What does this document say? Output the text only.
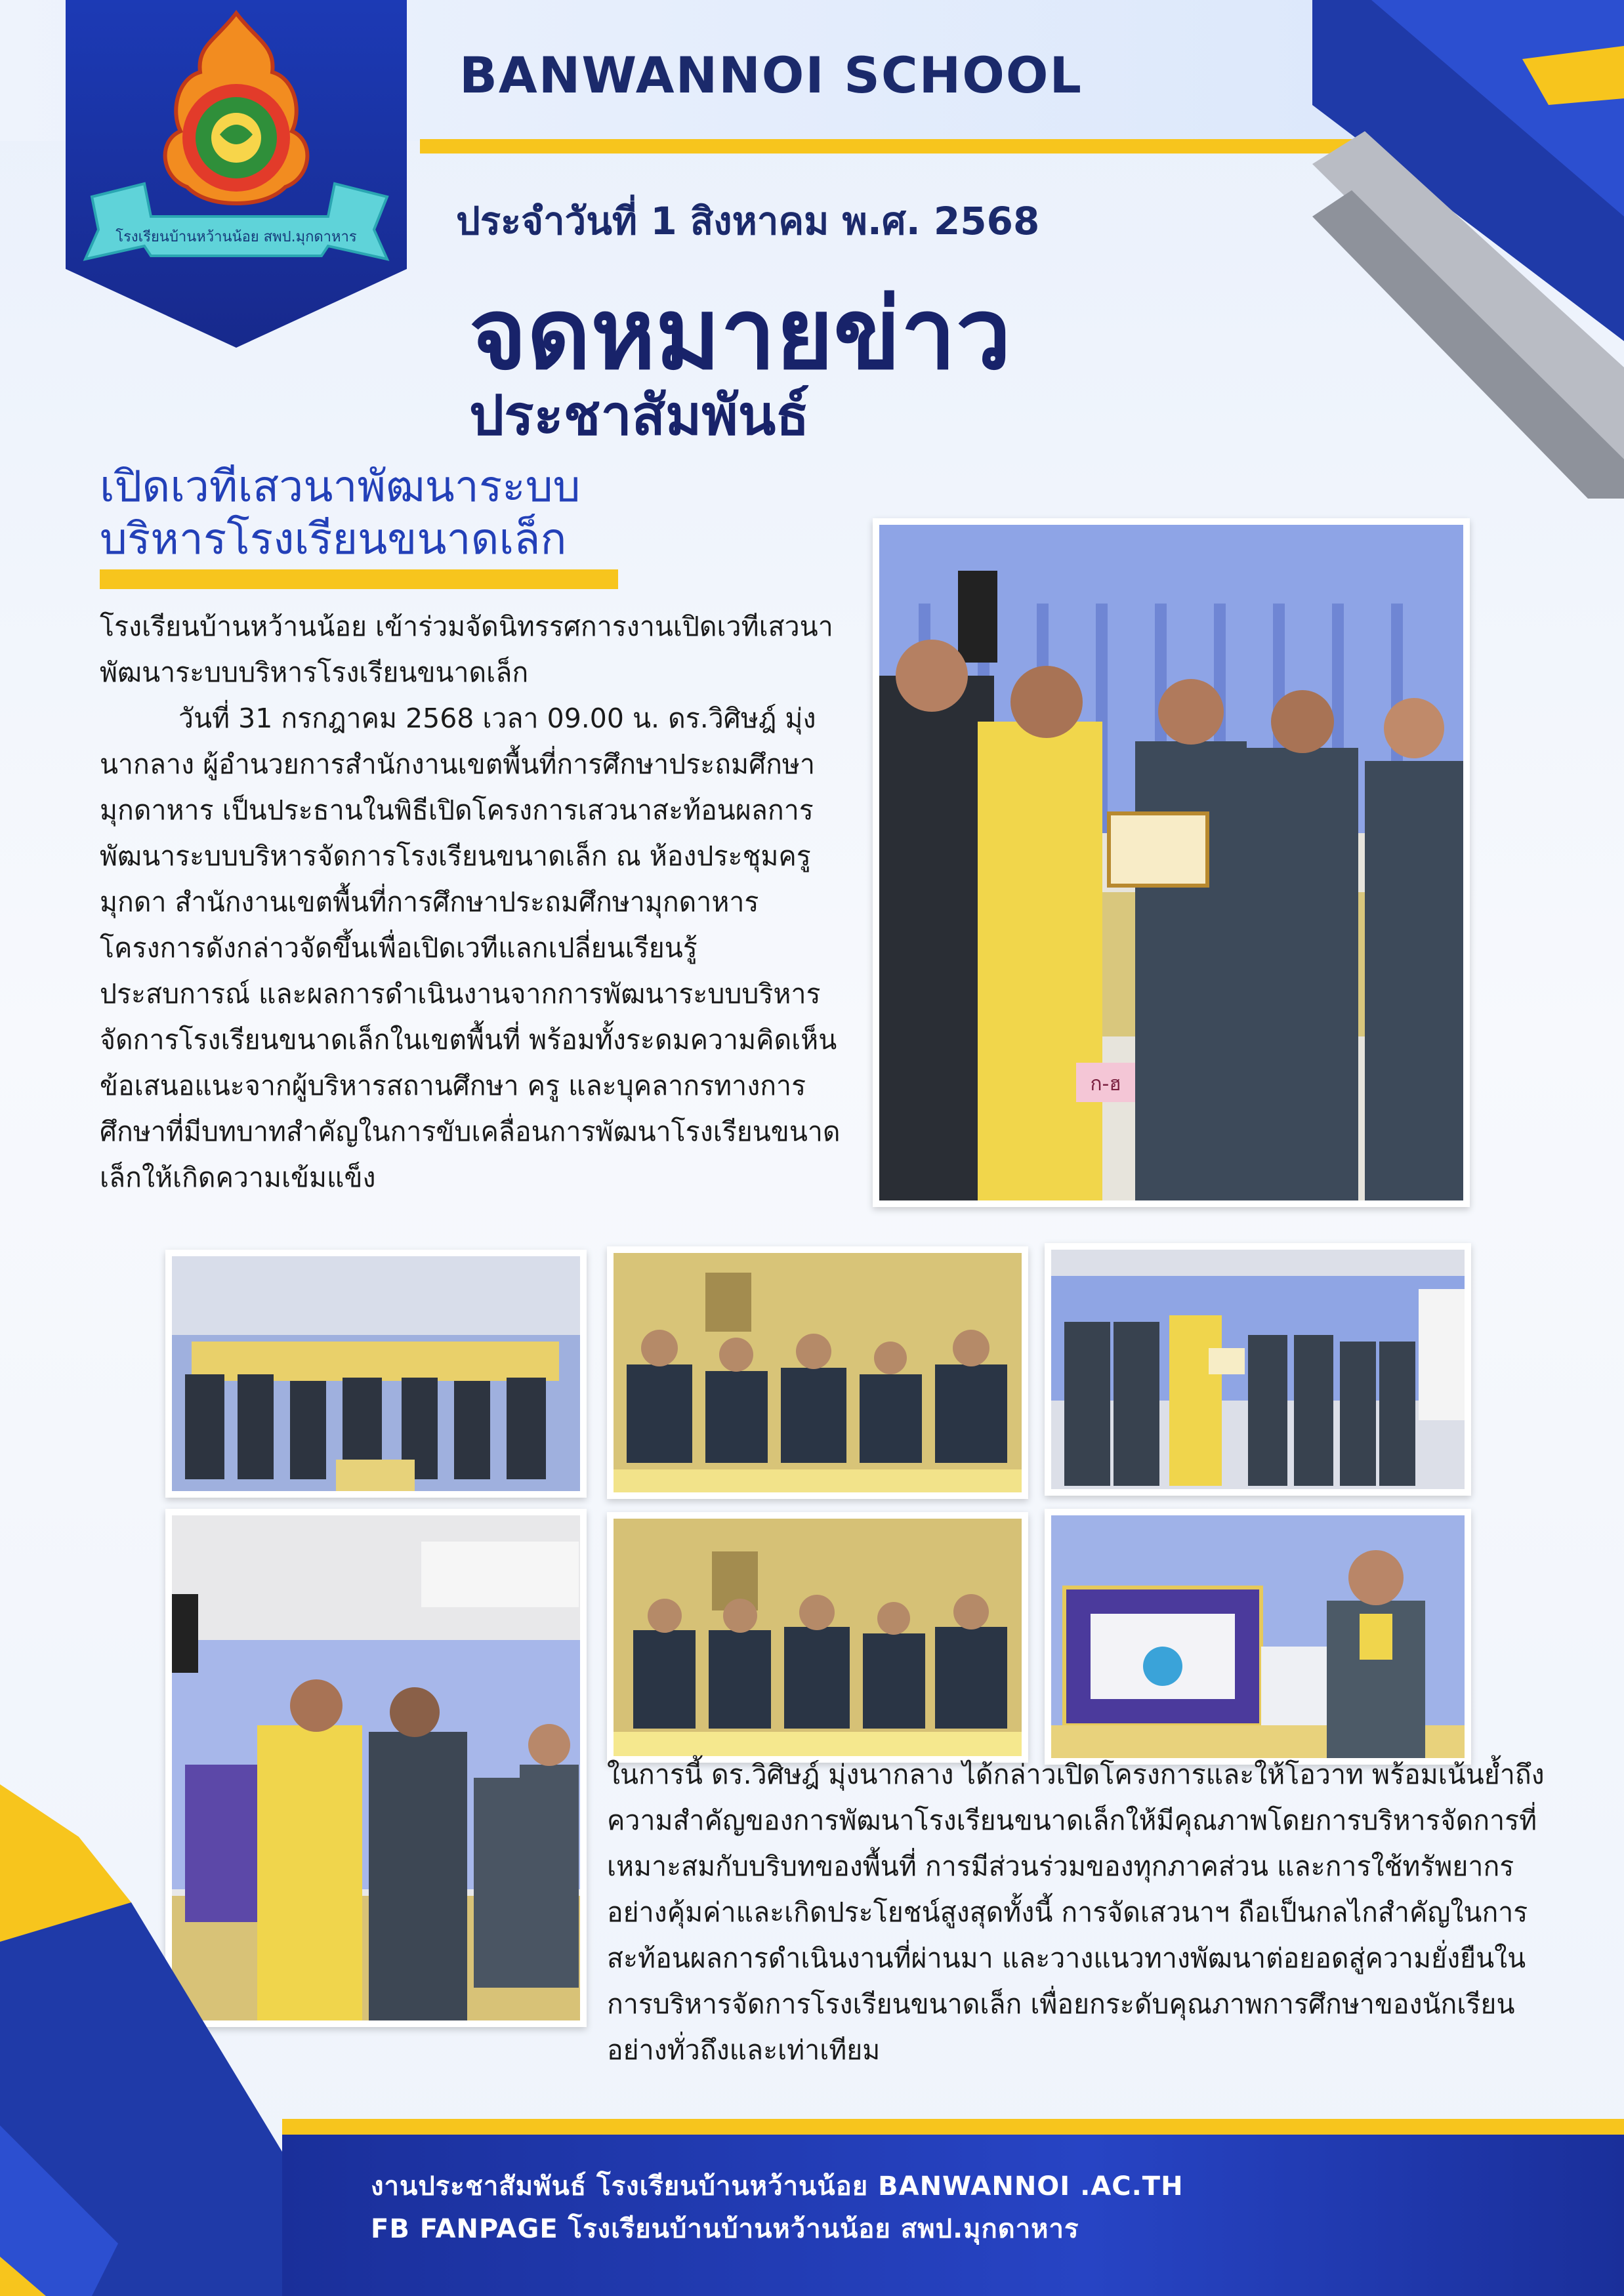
โรงเรียนบ้านหว้านน้อย สพป.มุกดาหาร
BANWANNOI SCHOOL
ประจำวันที่ 1 สิงหาคม พ.ศ. 2568
จดหมายข่าว
ประชาสัมพันธ์
เปิดเวทีเสวนาพัฒนาระบบ
บริหารโรงเรียนขนาดเล็ก
โรงเรียนบ้านหว้านน้อย เข้าร่วมจัดนิทรรศการงานเปิดเวทีเสวนาพัฒนาระบบบริหารโรงเรียนขนาดเล็ก
วันที่ 31 กรกฎาคม 2568 เวลา 09.00 น. ดร.วิศิษฎ์ มุ่งนากลาง ผู้อำนวยการสำนักงานเขตพื้นที่การศึกษาประถมศึกษามุกดาหาร เป็นประธานในพิธีเปิดโครงการเสวนาสะท้อนผลการพัฒนาระบบบริหารจัดการโรงเรียนขนาดเล็ก ณ ห้องประชุมครูมุกดา สำนักงานเขตพื้นที่การศึกษาประถมศึกษามุกดาหาร โครงการดังกล่าวจัดขึ้นเพื่อเปิดเวทีแลกเปลี่ยนเรียนรู้ ประสบการณ์ และผลการดำเนินงานจากการพัฒนาระบบบริหารจัดการโรงเรียนขนาดเล็กในเขตพื้นที่ พร้อมทั้งระดมความคิดเห็น ข้อเสนอแนะจากผู้บริหารสถานศึกษา ครู และบุคลากรทางการศึกษาที่มีบทบาทสำคัญในการขับเคลื่อนการพัฒนาโรงเรียนขนาดเล็กให้เกิดความเข้มแข็ง
ก-ฮ
ในการนี้ ดร.วิศิษฎ์ มุ่งนากลาง ได้กล่าวเปิดโครงการและให้โอวาท พร้อมเน้นย้ำถึงความสำคัญของการพัฒนาโรงเรียนขนาดเล็กให้มีคุณภาพโดยการบริหารจัดการที่เหมาะสมกับบริบทของพื้นที่ การมีส่วนร่วมของทุกภาคส่วน และการใช้ทรัพยากรอย่างคุ้มค่าและเกิดประโยชน์สูงสุดทั้งนี้ การจัดเสวนาฯ ถือเป็นกลไกสำคัญในการสะท้อนผลการดำเนินงานที่ผ่านมา และวางแนวทางพัฒนาต่อยอดสู่ความยั่งยืนในการบริหารจัดการโรงเรียนขนาดเล็ก เพื่อยกระดับคุณภาพการศึกษาของนักเรียนอย่างทั่วถึงและเท่าเทียม
งานประชาสัมพันธ์ โรงเรียนบ้านหว้านน้อย BANWANNOI .AC.TH
FB FANPAGE โรงเรียนบ้านบ้านหว้านน้อย สพป.มุกดาหาร
